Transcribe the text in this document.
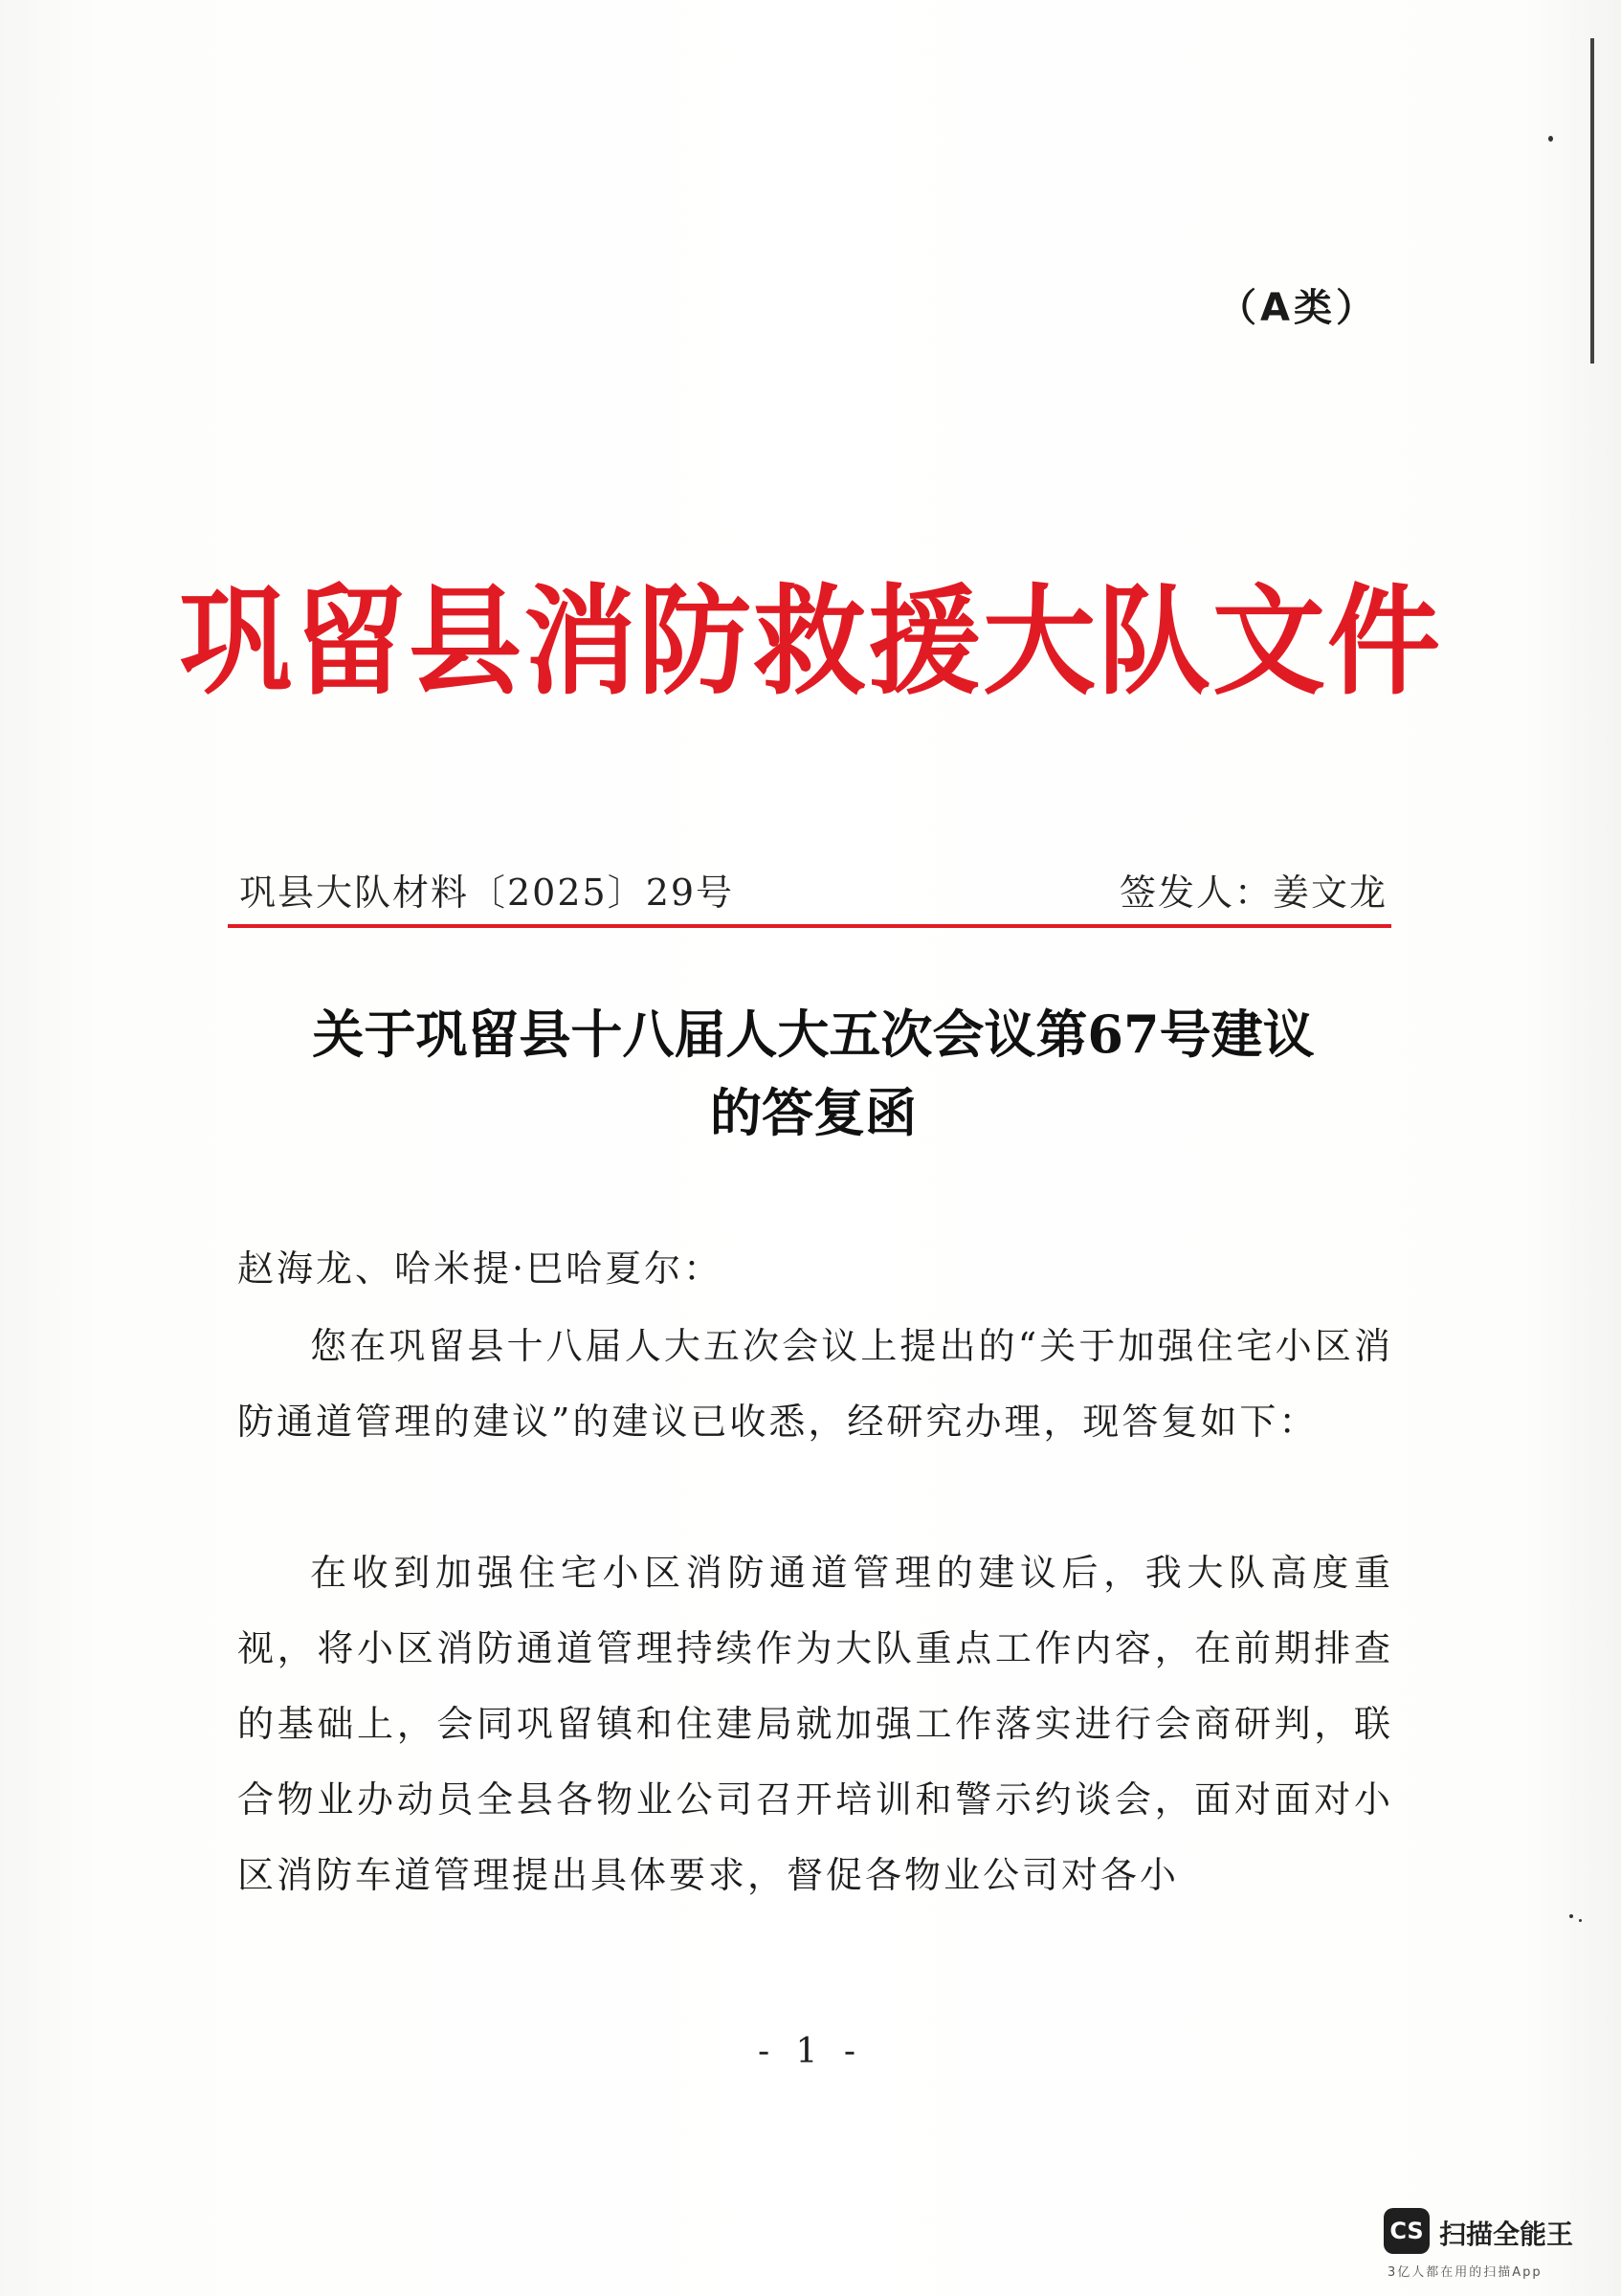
（A类）
巩留县消防救援大队文件
巩县大队材料〔2025〕29号	签发人：姜文龙
关于巩留县十八届人大五次会议第67号建议
的答复函
赵海龙、哈米提·巴哈夏尔：
您在巩留县十八届人大五次会议上提出的“关于加强住宅小区消防通道管理的建议”的建议已收悉，经研究办理，现答复如下：
在收到加强住宅小区消防通道管理的建议后，我大队高度重视，将小区消防通道管理持续作为大队重点工作内容，在前期排查的基础上，会同巩留镇和住建局就加强工作落实进行会商研判，联合物业办动员全县各物业公司召开培训和警示约谈会，面对面对小区消防车道管理提出具体要求，督促各物业公司对各小
- 1 -
CS 扫描全能王
3亿人都在用的扫描App
